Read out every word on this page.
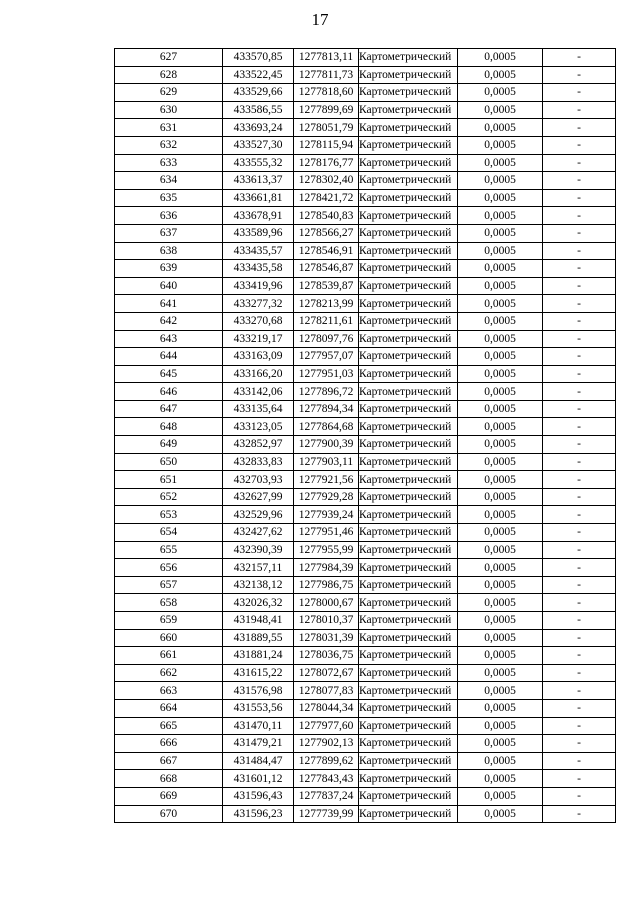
17
627	433570,85	1277813,11	Картометрический	0,0005	-
628	433522,45	1277811,73	Картометрический	0,0005	-
629	433529,66	1277818,60	Картометрический	0,0005	-
630	433586,55	1277899,69	Картометрический	0,0005	-
631	433693,24	1278051,79	Картометрический	0,0005	-
632	433527,30	1278115,94	Картометрический	0,0005	-
633	433555,32	1278176,77	Картометрический	0,0005	-
634	433613,37	1278302,40	Картометрический	0,0005	-
635	433661,81	1278421,72	Картометрический	0,0005	-
636	433678,91	1278540,83	Картометрический	0,0005	-
637	433589,96	1278566,27	Картометрический	0,0005	-
638	433435,57	1278546,91	Картометрический	0,0005	-
639	433435,58	1278546,87	Картометрический	0,0005	-
640	433419,96	1278539,87	Картометрический	0,0005	-
641	433277,32	1278213,99	Картометрический	0,0005	-
642	433270,68	1278211,61	Картометрический	0,0005	-
643	433219,17	1278097,76	Картометрический	0,0005	-
644	433163,09	1277957,07	Картометрический	0,0005	-
645	433166,20	1277951,03	Картометрический	0,0005	-
646	433142,06	1277896,72	Картометрический	0,0005	-
647	433135,64	1277894,34	Картометрический	0,0005	-
648	433123,05	1277864,68	Картометрический	0,0005	-
649	432852,97	1277900,39	Картометрический	0,0005	-
650	432833,83	1277903,11	Картометрический	0,0005	-
651	432703,93	1277921,56	Картометрический	0,0005	-
652	432627,99	1277929,28	Картометрический	0,0005	-
653	432529,96	1277939,24	Картометрический	0,0005	-
654	432427,62	1277951,46	Картометрический	0,0005	-
655	432390,39	1277955,99	Картометрический	0,0005	-
656	432157,11	1277984,39	Картометрический	0,0005	-
657	432138,12	1277986,75	Картометрический	0,0005	-
658	432026,32	1278000,67	Картометрический	0,0005	-
659	431948,41	1278010,37	Картометрический	0,0005	-
660	431889,55	1278031,39	Картометрический	0,0005	-
661	431881,24	1278036,75	Картометрический	0,0005	-
662	431615,22	1278072,67	Картометрический	0,0005	-
663	431576,98	1278077,83	Картометрический	0,0005	-
664	431553,56	1278044,34	Картометрический	0,0005	-
665	431470,11	1277977,60	Картометрический	0,0005	-
666	431479,21	1277902,13	Картометрический	0,0005	-
667	431484,47	1277899,62	Картометрический	0,0005	-
668	431601,12	1277843,43	Картометрический	0,0005	-
669	431596,43	1277837,24	Картометрический	0,0005	-
670	431596,23	1277739,99	Картометрический	0,0005	-
